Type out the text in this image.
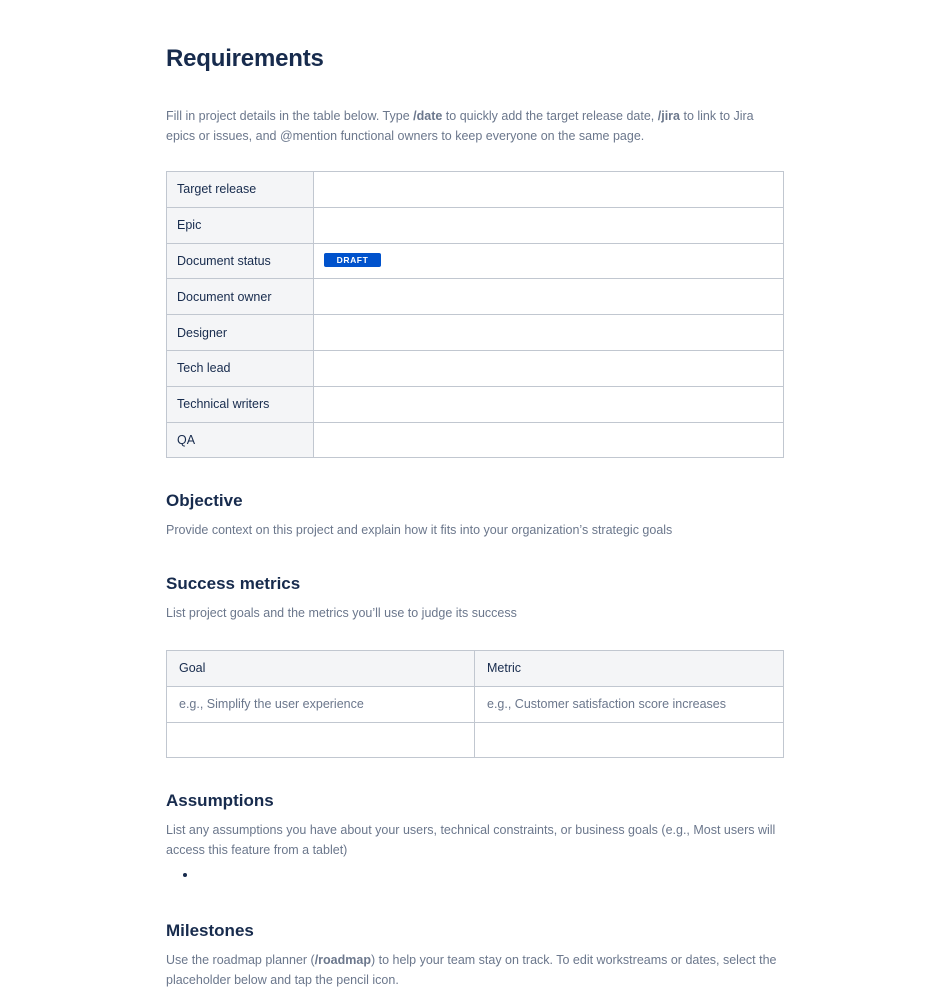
Requirements

Fill in project details in the table below. Type /date to quickly add the target release date, /jira to link to Jira epics or issues, and @mention functional owners to keep everyone on the same page.

Target release	
Epic	
Document status	DRAFT
Document owner	
Designer	
Tech lead	
Technical writers	
QA	
Objective

Provide context on this project and explain how it fits into your organization’s strategic goals

Success metrics

List project goals and the metrics you’ll use to judge its success

Goal	Metric
e.g., Simplify the user experience	e.g., Customer satisfaction score increases

Assumptions

List any assumptions you have about your users, technical constraints, or business goals (e.g., Most users will access this feature from a tablet)

Milestones

Use the roadmap planner (/roadmap) to help your team stay on track. To edit workstreams or dates, select the placeholder below and tap the pencil icon.
